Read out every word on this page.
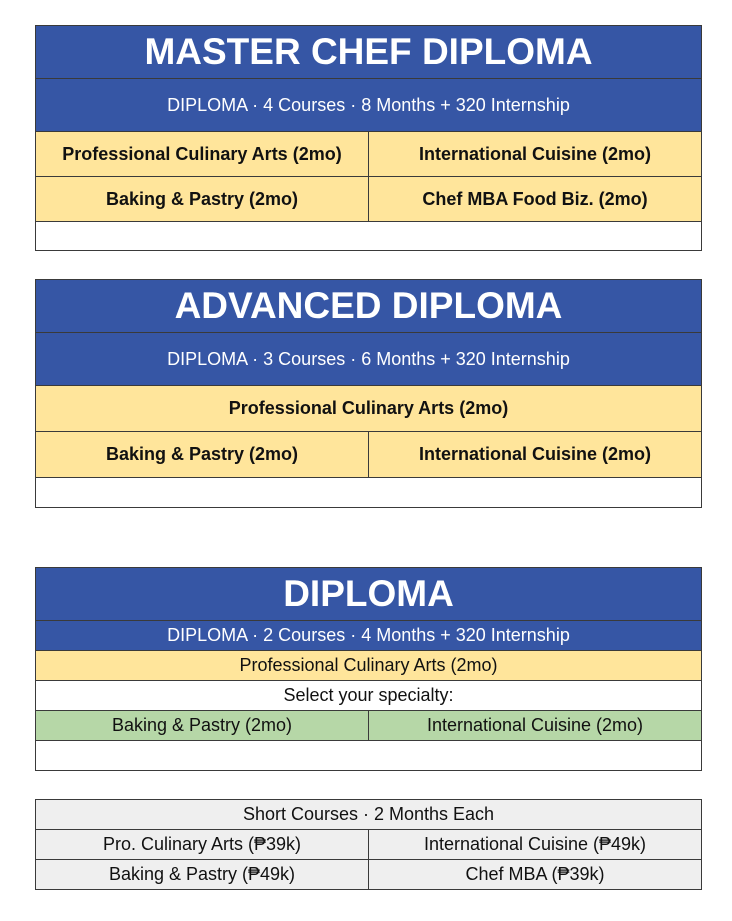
MASTER CHEF DIPLOMA
DIPLOMA · 4 Courses · 8 Months + 320 Internship
Professional Culinary Arts (2mo)	International Cuisine (2mo)
Baking & Pastry (2mo)	Chef MBA Food Biz. (2mo)
ADVANCED DIPLOMA
DIPLOMA · 3 Courses · 6 Months + 320 Internship
Professional Culinary Arts (2mo)
Baking & Pastry (2mo)	International Cuisine (2mo)
DIPLOMA
DIPLOMA · 2 Courses · 4 Months + 320 Internship
Professional Culinary Arts (2mo)
Select your specialty:
Baking & Pastry (2mo)	International Cuisine (2mo)
Short Courses · 2 Months Each
Pro. Culinary Arts (₱39k)	International Cuisine (₱49k)
Baking & Pastry (₱49k)	Chef MBA (₱39k)
